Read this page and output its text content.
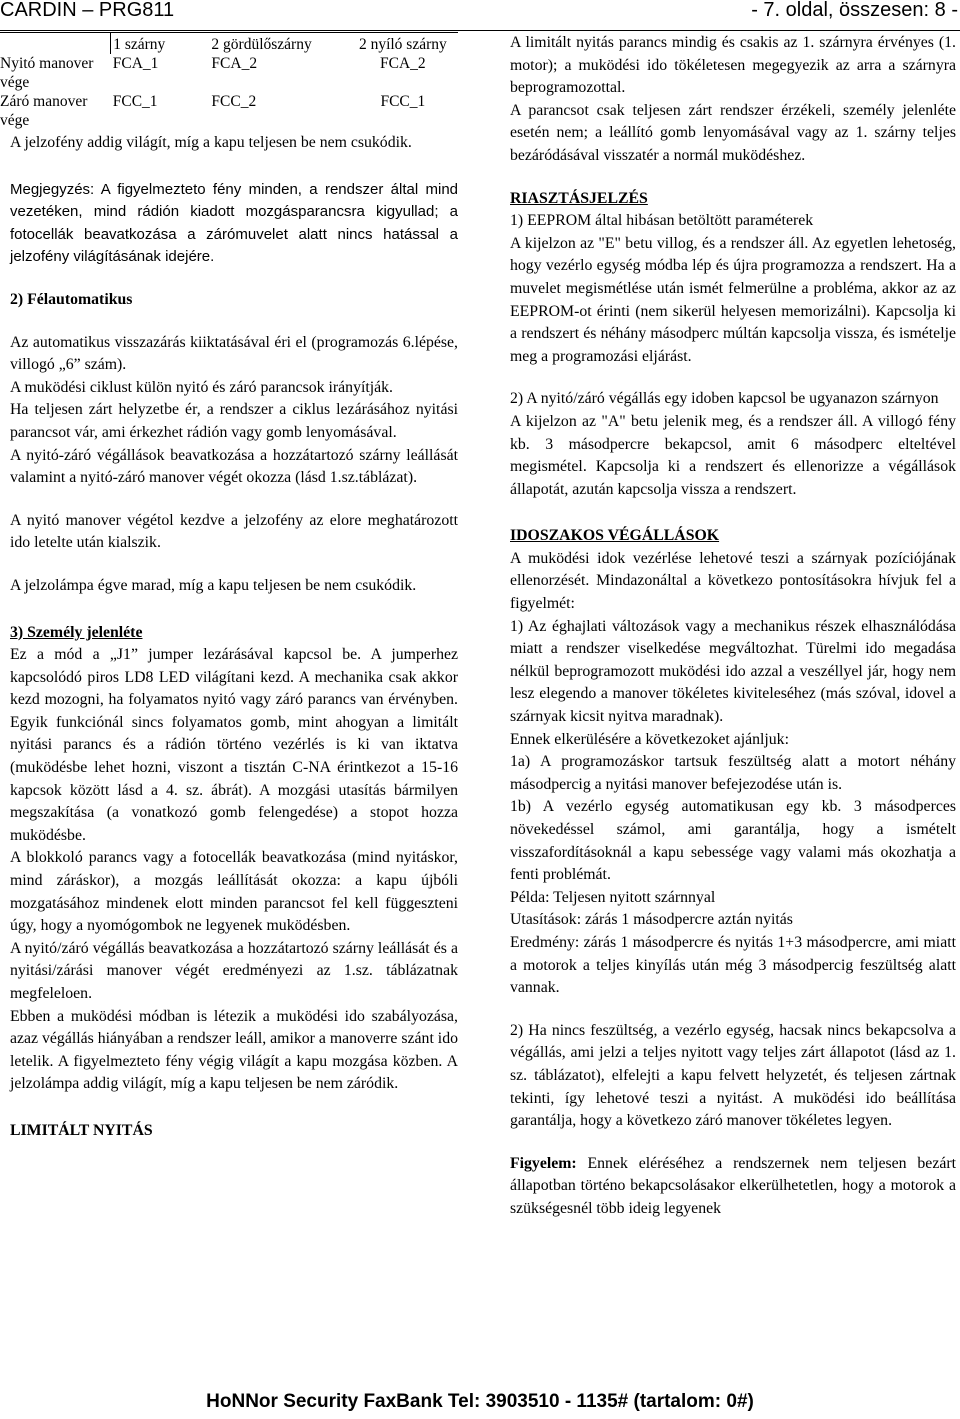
CARDIN – PRG811	- 7. oldal, összesen: 8 -
	1 szárny	2 gördülőszárny	2 nyíló szárny
Nyitó manover vége	FCA_1	FCA_2	FCA_2
Záró manover vége	FCC_1	FCC_2	FCC_1

A jelzofény addig világít, míg a kapu teljesen be nem csukódik.

Megjegyzés: A figyelmezteto fény minden, a rendszer által mind vezetéken, mind rádión kiadott mozgásparancsra kigyullad; a fotocellák beavatkozása a zárómuvelet alatt nincs hatással a jelzofény világításának idejére.

2) Félautomatikus

Az automatikus visszazárás kiiktatásával éri el (programozás 6.lépése, villogó „6” szám).

A muködési ciklust külön nyitó és záró parancsok irányítják.

Ha teljesen zárt helyzetbe ér, a rendszer a ciklus lezárásához nyitási parancsot vár, ami érkezhet rádión vagy gomb lenyomásával.

A nyitó-záró végállások beavatkozása a hozzátartozó szárny leállását valamint a nyitó-záró manover végét okozza (lásd 1.sz.táblázat).

A nyitó manover végétol kezdve a jelzofény az elore meghatározott ido letelte után kialszik.

A jelzolámpa égve marad, míg a kapu teljesen be nem csukódik.

3) Személy jelenléte

Ez a mód a „J1” jumper lezárásával kapcsol be. A jumperhez kapcsolódó piros LD8 LED világítani kezd. A mechanika csak akkor kezd mozogni, ha folyamatos nyitó vagy záró parancs van érvényben. Egyik funkciónál sincs folyamatos gomb, mint ahogyan a limitált nyitási parancs és a rádión történo vezérlés is ki van iktatva (muködésbe lehet hozni, viszont a tisztán C-NA érintkezot a 15-16 kapcsok között lásd a 4. sz. ábrát). A mozgási utasítás bármilyen megszakítása (a vonatkozó gomb felengedése) a stopot hozza muködésbe.

A blokkoló parancs vagy a fotocellák beavatkozása (mind nyitáskor, mind záráskor), a mozgás leállítását okozza: a kapu újbóli mozgatásához mindenek elott minden parancsot fel kell függeszteni úgy, hogy a nyomógombok ne legyenek muködésben.

A nyitó/záró végállás beavatkozása a hozzátartozó szárny leállását és a nyitási/zárási manover végét eredményezi az 1.sz. táblázatnak megfeleloen.

Ebben a muködési módban is létezik a muködési ido szabályozása, azaz végállás hiányában a rendszer leáll, amikor a manoverre szánt ido letelik. A figyelmezteto fény végig világít a kapu mozgása közben. A jelzolámpa addig világít, míg a kapu teljesen be nem záródik.

LIMITÁLT NYITÁS

A limitált nyitás parancs mindig és csakis az 1. szárnyra érvényes (1. motor); a muködési ido tökéletesen megegyezik az arra a szárnyra beprogramozottal.

A parancsot csak teljesen zárt rendszer érzékeli, személy jelenléte esetén nem; a leállító gomb lenyomásával vagy az 1. szárny teljes bezáródásával visszatér a normál muködéshez.

RIASZTÁSJELZÉS

1) EEPROM által hibásan betöltött paraméterek

A kijelzon az "E" betu villog, és a rendszer áll. Az egyetlen lehetoség, hogy vezérlo egység módba lép és újra programozza a rendszert. Ha a muvelet megismétlése után ismét felmerülne a probléma, akkor az az EEPROM-ot érinti (nem sikerül helyesen memorizálni). Kapcsolja ki a rendszert és néhány másodperc múltán kapcsolja vissza, és ismételje meg a programozási eljárást.

2) A nyitó/záró végállás egy idoben kapcsol be ugyanazon szárnyon

A kijelzon az "A" betu jelenik meg, és a rendszer áll. A villogó fény kb. 3 másodpercre bekapcsol, amit 6 másodperc elteltével megismétel. Kapcsolja ki a rendszert és ellenorizze a végállások állapotát, azután kapcsolja vissza a rendszert.

IDOSZAKOS VÉGÁLLÁSOK

A muködési idok vezérlése lehetové teszi a szárnyak pozíciójának ellenorzését. Mindazonáltal a következo pontosításokra hívjuk fel a figyelmét:

1) Az éghajlati változások vagy a mechanikus részek elhasználódása miatt a rendszer viselkedése megváltozhat. Türelmi ido megadása nélkül beprogramozott muködési ido azzal a veszéllyel jár, hogy nem lesz elegendo a manover tökéletes kiviteleséhez (más szóval, idovel a szárnyak kicsit nyitva maradnak).

Ennek elkerülésére a következoket ajánljuk:

1a) A programozáskor tartsuk feszültség alatt a motort néhány másodpercig a nyitási manover befejezodése után is.

1b) A vezérlo egység automatikusan egy kb. 3 másodperces növekedéssel számol, ami garantálja, hogy a ismételt visszafordításoknál a kapu sebessége vagy valami más okozhatja a fenti problémát.

Példa: Teljesen nyitott szárnnyal

Utasítások: zárás 1 másodpercre aztán nyitás

Eredmény: zárás 1 másodpercre és nyitás 1+3 másodpercre, ami miatt a motorok a teljes kinyílás után még 3 másodpercig feszültség alatt vannak.

2) Ha nincs feszültség, a vezérlo egység, hacsak nincs bekapcsolva a végállás, ami jelzi a teljes nyitott vagy teljes zárt állapotot (lásd az 1. sz. táblázatot), elfelejti a kapu felvett helyzetét, és teljesen zártnak tekinti, így lehetové teszi a nyitást. A muködési ido beállítása garantálja, hogy a következo záró manover tökéletes legyen.

Figyelem: Ennek eléréséhez a rendszernek nem teljesen bezárt állapotban történo bekapcsolásakor elkerülhetetlen, hogy a motorok a szükségesnél több ideig legyenek

HoNNor Security FaxBank Tel: 3903510 - 1135# (tartalom: 0#)
